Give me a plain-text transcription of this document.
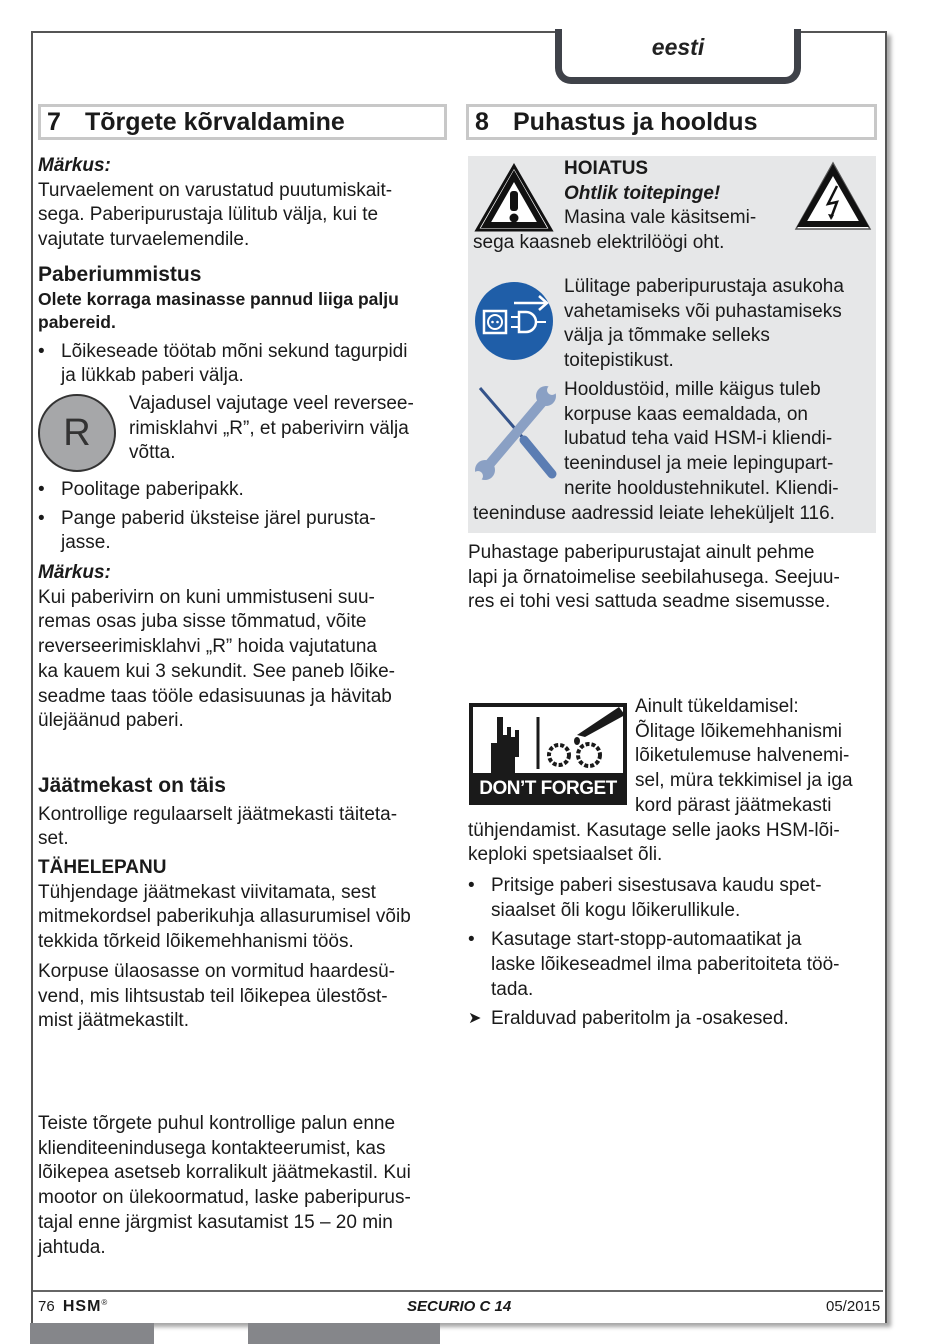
eesti
7 Tõrgete kõrvaldamine	8 Puhastus ja hooldus

Märkus:

Turvaelement on varustatud puutumiskait-

sega. Paberipurustaja lülitub välja, kui te

vajutate turvaelemendile.

Paberiummistus

Olete korraga masinasse pannud liiga palju

pabereid.

• Lõikeseade töötab mõni sekund tagurpidi

ja lükkab paberi välja.

R

Vajadusel vajutage veel reversee-

rimisklahvi „R”, et paberivirn välja

võtta.

• Poolitage paberipakk.

• Pange paberid üksteise järel purusta-

jasse.

Märkus:

Kui paberivirn on kuni ummistuseni suu-

remas osas juba sisse tõmmatud, võite

reverseerimisklahvi „R” hoida vajutatuna

ka kauem kui 3 sekundit. See paneb lõike-

seadme taas tööle edasisuunas ja hävitab

ülejäänud paberi.

Jäätmekast on täis

Kontrollige regulaarselt jäätmekasti täiteta-

set.

TÄHELEPANU

Tühjendage jäätmekast viivitamata, sest

mitmekordsel paberikuhja allasurumisel võib

tekkida tõrkeid lõikemehhanismi töös.

Korpuse ülaosasse on vormitud haardesü-

vend, mis lihtsustab teil lõikepea ülestõst-

mist jäätmekastilt.

Teiste tõrgete puhul kontrollige palun enne

klienditeenindusega kontakteerumist, kas

lõikepea asetseb korralikult jäätmekastil. Kui

mootor on ülekoormatud, laske paberipurus-

tajal enne järgmist kasutamist 15 – 20 min

jahtuda.

HOIATUS

Ohtlik toitepinge!

Masina vale käsitsemi-

sega kaasneb elektrilöögi oht.

Lülitage paberipurustaja asukoha

vahetamiseks või puhastamiseks

välja ja tõmmake selleks

toitepistikust.

Hooldustöid, mille käigus tuleb

korpuse kaas eemaldada, on

lubatud teha vaid HSM-i kliendi-

teenindusel ja meie lepingupart-

nerite hooldustehnikutel. Kliendi-

teeninduse aadressid leiate leheküljelt 116.

Puhastage paberipurustajat ainult pehme

lapi ja õrnatoimelise seebilahusega. Seejuu-

res ei tohi vesi sattuda seadme sisemusse.

DON’T FORGET

Ainult tükeldamisel:

Õlitage lõikemehhanismi

lõiketulemuse halvenemi-

sel, müra tekkimisel ja iga

kord pärast jäätmekasti

tühjendamist. Kasutage selle jaoks HSM-lõi-

keploki spetsiaalset õli.

• Pritsige paberi sisestusava kaudu spet-

siaalset õli kogu lõikerullikule.

• Kasutage start-stopp-automaatikat ja

laske lõikeseadmel ilma paberitoiteta töö-

tada.

➤ Eralduvad paberitolm ja -osakesed.

76 HSM®	SECURIO C 14	05/2015
